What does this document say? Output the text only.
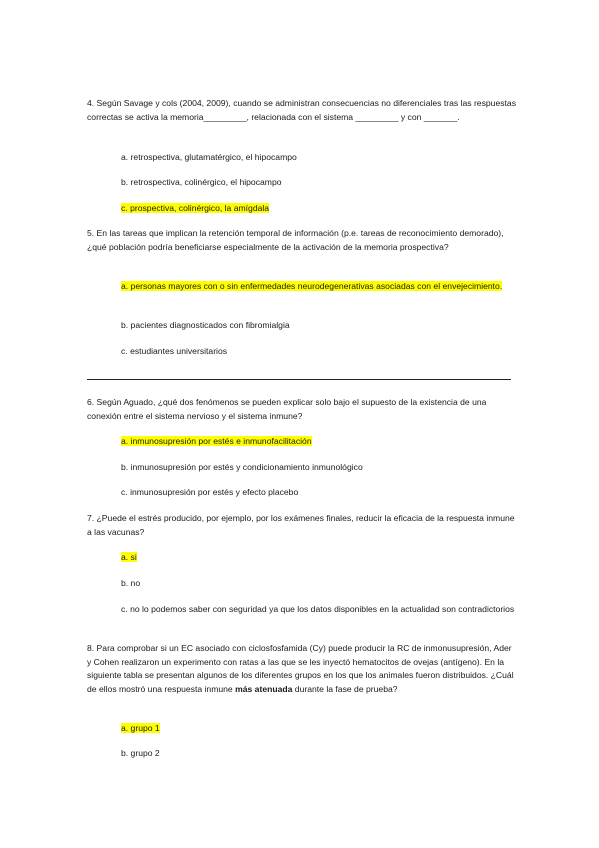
4. Según Savage y cols (2004, 2009), cuando se administran consecuencias no diferenciales tras las respuestas correctas se activa la memoria_________, relacionada con el sistema _________ y con _______.
a. retrospectiva, glutamatérgico, el hipocampo
b. retrospectiva, colinérgico, el hipocampo
c. prospectiva, colinérgico, la amígdala
5. En las tareas que implican la retención temporal de información (p.e. tareas de reconocimiento demorado), ¿qué población podría beneficiarse especialmente de la activación de la memoria prospectiva?
a. personas mayores con o sin enfermedades neurodegenerativas asociadas con el envejecimiento.
b. pacientes diagnosticados con fibromialgia
c. estudiantes universitarios
6. Según Aguado, ¿qué dos fenómenos se pueden explicar solo bajo el supuesto de la existencia de una conexión entre el sistema nervioso y el sistema inmune?
a. inmunosupresión por estés e inmunofacilitación
b. inmunosupresión por estés y condicionamiento inmunológico
c. inmunosupresión por estés y efecto placebo
7. ¿Puede el estrés producido, por ejemplo, por los exámenes finales, reducir la eficacia de la respuesta inmune a las vacunas?
a. si
b. no
c. no lo podemos saber con seguridad ya que los datos disponibles en la actualidad son contradictorios
8. Para comprobar si un EC asociado con ciclosfosfamida (Cy) puede producir la RC de inmonusupresión, Ader y Cohen realizaron un experimento con ratas a las que se les inyectó hematocitos de ovejas (antígeno). En la siguiente tabla se presentan algunos de los diferentes grupos en los que los animales fueron distribuidos. ¿Cuál de ellos mostró una respuesta inmune más atenuada durante la fase de prueba?
a. grupo 1
b. grupo 2
